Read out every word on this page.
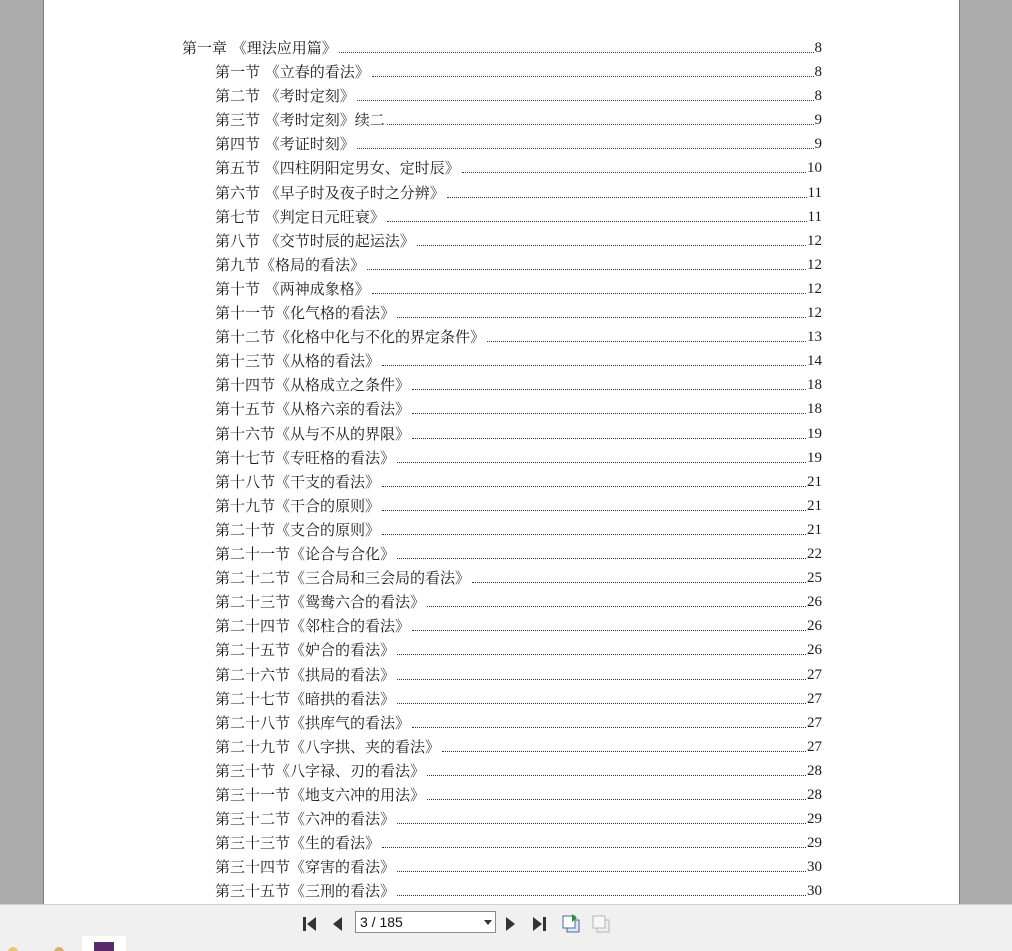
第一章 《理法应用篇》	8
第一节 《立春的看法》	8
第二节 《考时定刻》	8
第三节 《考时定刻》续二	9
第四节 《考证时刻》	9
第五节 《四柱阴阳定男女、定时辰》	10
第六节 《早子时及夜子时之分辨》	11
第七节 《判定日元旺衰》	11
第八节 《交节时辰的起运法》	12
第九节《格局的看法》	12
第十节 《两神成象格》	12
第十一节《化气格的看法》	12
第十二节《化格中化与不化的界定条件》	13
第十三节《从格的看法》	14
第十四节《从格成立之条件》	18
第十五节《从格六亲的看法》	18
第十六节《从与不从的界限》	19
第十七节《专旺格的看法》	19
第十八节《干支的看法》	21
第十九节《干合的原则》	21
第二十节《支合的原则》	21
第二十一节《论合与合化》	22
第二十二节《三合局和三会局的看法》	25
第二十三节《鸳鸯六合的看法》	26
第二十四节《邻柱合的看法》	26
第二十五节《妒合的看法》	26
第二十六节《拱局的看法》	27
第二十七节《暗拱的看法》	27
第二十八节《拱库气的看法》	27
第二十九节《八字拱、夹的看法》	27
第三十节《八字禄、刃的看法》	28
第三十一节《地支六冲的用法》	28
第三十二节《六冲的看法》	29
第三十三节《生的看法》	29
第三十四节《穿害的看法》	30
第三十五节《三刑的看法》	30
3 / 185
